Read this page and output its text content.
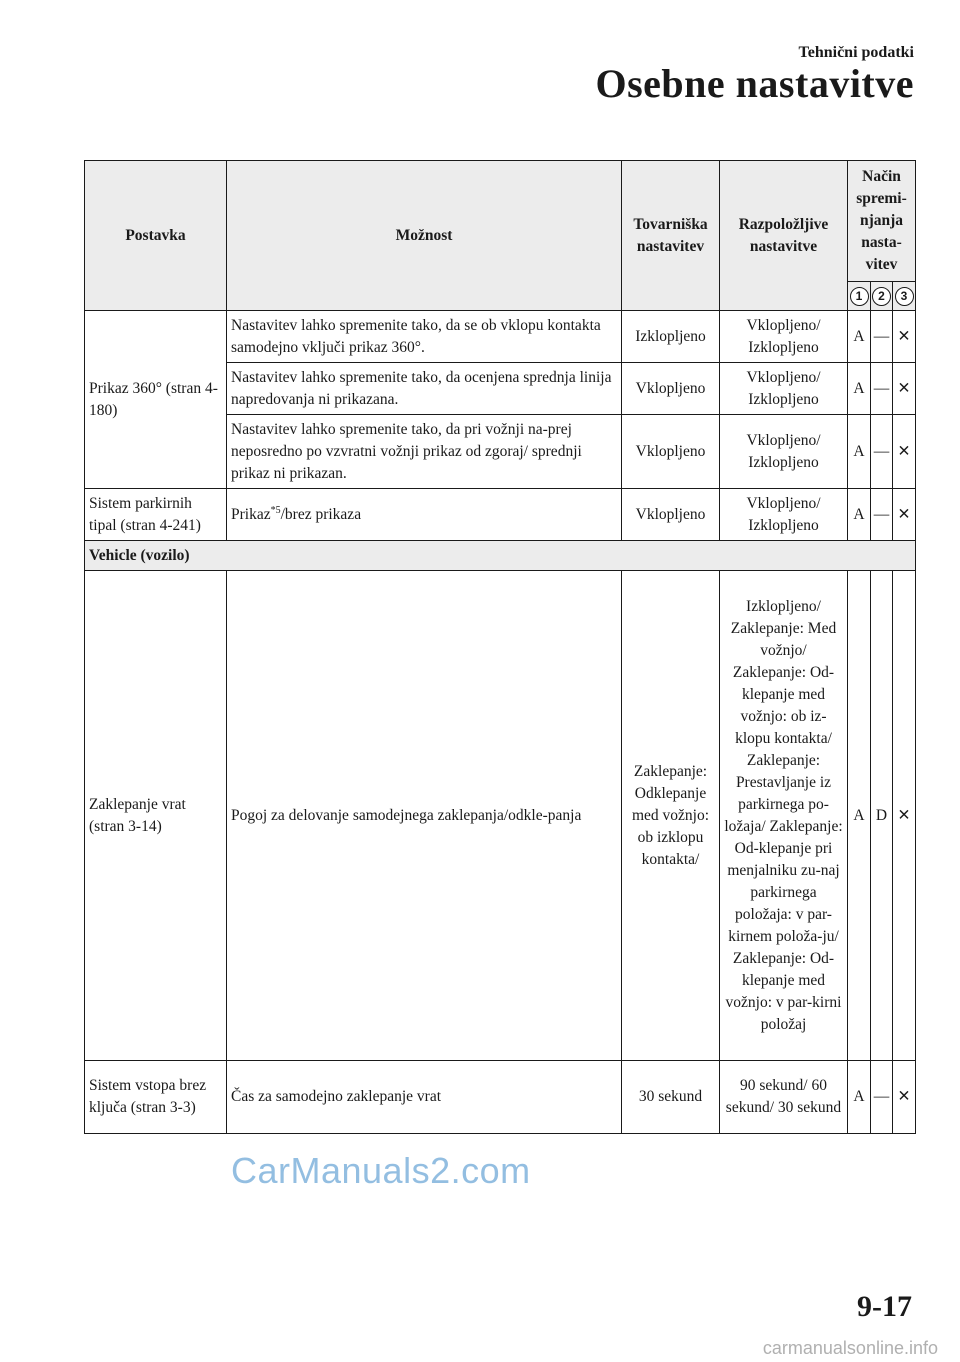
Tehnični podatki
Osebne nastavitve
Postavka	Možnost	Tovarniška nastavitev	Razpoložljive nastavitve	Način spremi-njanja nasta-vitev		
				1	2	3
Prikaz 360° (stran 4-180)	Nastavitev lahko spremenite tako, da se ob vklopu kontakta samodejno vključi prikaz 360°.	Izklopljeno	Vklopljeno/ Izklopljeno	A	—	✕
	Nastavitev lahko spremenite tako, da ocenjena sprednja linija napredovanja ni prikazana.	Vklopljeno	Vklopljeno/ Izklopljeno	A	—	✕
	Nastavitev lahko spremenite tako, da pri vožnji na-prej neposredno po vzvratni vožnji prikaz od zgoraj/ sprednji prikaz ni prikazan.	Vklopljeno	Vklopljeno/ Izklopljeno	A	—	✕
Sistem parkirnih tipal (stran 4-241)	Prikaz$^{*5}$/brez prikaza	Vklopljeno	Vklopljeno/ Izklopljeno	A	—	✕
Vehicle (vozilo)						
Zaklepanje vrat (stran 3-14)	Pogoj za delovanje samodejnega zaklepanja/odkle-panja	Zaklepanje: Odklepanje med vožnjo: ob izklopu kontakta/	Izklopljeno/ Zaklepanje: Med vožnjo/ Zaklepanje: Od-klepanje med vožnjo: ob iz-klopu kontakta/ Zaklepanje: Prestavljanje iz parkirnega po-ložaja/ Zaklepanje: Od-klepanje pri menjalniku zu-naj parkirnega položaja: v par-kirnem položa-ju/ Zaklepanje: Od-klepanje med vožnjo: v par-kirni položaj	A	D	✕
Sistem vstopa brez ključa (stran 3-3)	Čas za samodejno zaklepanje vrat	30 sekund	90 sekund/ 60 sekund/ 30 sekund	A	—	✕
CarManuals2.com
9-17
carmanualsonline.info
